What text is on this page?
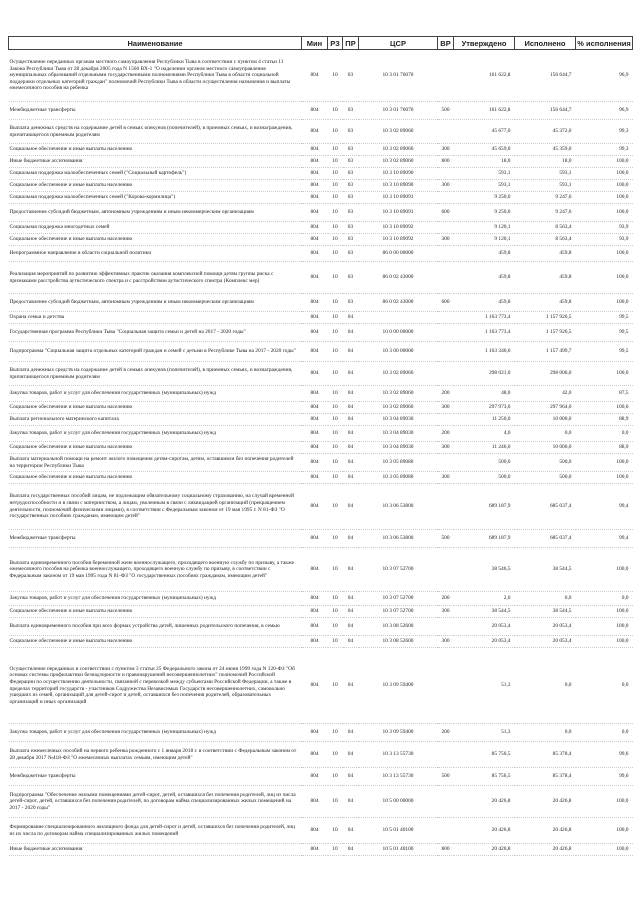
Наименование	Мин	РЗ	ПР	ЦСР	ВР	Утверждено	Исполнено	% исполнения
Осуществление переданных органам местного самоуправления Республики Тыва в соответствии с пунктом 4 статьи 11 Закона Республики Тыва от 28 декабря 2005 года N 1560 ВХ-1 "О наделении органов местного самоуправления муниципальных образований отдельными государственными полномочиями Республики Тыва в области социальной поддержки отдельных категорий граждан" полномочий Республики Тыва в области осуществления назначения и выплаты ежемесячного пособия на ребенка	804	10	03	10 3 01 76070		161 622,8	156 644,7	96,9
Межбюджетные трансферты	804	10	03	10 3 01 76070	500	161 622,8	156 644,7	96,9
Выплата денежных средств на содержание детей в семьях опекунов (попечителей), в приемных семьях, и вознаграждения, причитающегося приемным родителям	804	10	03	10 3 02 89060		45 677,0	45 372,0	99,3
Социальное обеспечение и иные выплаты населению	804	10	03	10 3 02 89060	300	45 659,0	45 359,0	99,3
Иные бюджетные ассигнования	804	10	03	10 3 02 89060	800	18,0	18,0	100,0
Социальная поддержка малообеспеченных семей ("Социальный картофель")	804	10	03	10 3 10 89090		593,1	593,1	100,0
Социальное обеспечение и иные выплаты населению	804	10	03	10 3 10 89090	300	593,1	593,1	100,0
Социальная поддержка малообеспеченных семей ("Корова-кормилица")	804	10	03	10 3 10 89091		9 250,0	9 247,6	100,0
Предоставление субсидий бюджетным, автономным учреждениям и иным некоммерческим организациям	804	10	03	10 3 10 89091	600	9 250,0	9 247,6	100,0
Социальная поддержка многодетных семей	804	10	03	10 3 10 89092		9 120,1	8 563,4	93,9
Социальное обеспечение и иные выплаты населению	804	10	03	10 3 10 89092	300	9 120,1	8 563,4	93,9
Непрограммное направление в области социальной политики	804	10	03	86 0 00 00000		459,8	459,8	100,0
Реализация мероприятий по развитию эффективных практик оказания комплексной помощи детям группы риска с признаками расстройства аутистического спектра и с расстройством аутистического спектра (Комплекс мер)	804	10	03	86 0 02 43000		459,8	459,8	100,0
Предоставление субсидий бюджетным, автономным учреждениям и иным некоммерческим организациям	804	10	03	86 0 02 43000	600	459,8	459,8	100,0
Охрана семьи и детства	804	10	04			1 163 773,4	1 157 926,5	99,5
Государственная программа Республики Тыва "Социальная защита семьи и детей на 2017 - 2020 годы"	804	10	04	10 0 00 00000		1 163 773,4	1 157 926,5	99,5
Подпрограмма "Социальная защита отдельных категорий граждан и семей с детьми в Республике Тыва на 2017 - 2020 годы"	804	10	04	10 3 00 00000		1 163 346,6	1 157 499,7	99,5
Выплата денежных средств на содержание детей в семьях опекунов (попечителей), в приемных семьях, и вознаграждения, причитающегося приемным родителям	804	10	04	10 3 02 89060		298 021,0	298 006,0	100,0
Закупка товаров, работ и услуг для обеспечения государственных (муниципальных) нужд	804	10	04	10 3 02 89060	200	48,0	42,0	87,5
Социальное обеспечение и иные выплаты населению	804	10	04	10 3 02 89060	300	297 973,0	297 964,0	100,0
Выплата регионального материнского капитала	804	10	04	10 3 04 89030		11 250,0	10 000,0	88,9
Закупка товаров, работ и услуг для обеспечения государственных (муниципальных) нужд	804	10	04	10 3 04 89030	200	4,0	0,0	0,0
Социальное обеспечение и иные выплаты населению	804	10	04	10 3 04 89030	300	11 246,0	10 000,0	88,9
Выплата материальной помощи на ремонт жилого помещения детям-сиротам, детям, оставшимся без попечения родителей на территории Республики Тыва	804	10	04	10 3 05 89080		500,0	500,0	100,0
Социальное обеспечение и иные выплаты населению	804	10	04	10 3 05 89080	300	500,0	500,0	100,0
Выплата государственных пособий лицам, не подлежащим обязательному социальному страхованию, на случай временной нетрудоспособности и в связи с материнством, а лицам, уволенным в связи с ликвидацией организаций (прекращением деятельности, полномочий физическими лицами), в соответствии с Федеральным законом от 19 мая 1995 г. N 81-ФЗ "О государственных пособиях гражданам, имеющим детей"	804	10	04	10 3 06 53800		689 187,9	685 037,4	99,4
Межбюджетные трансферты	804	10	04	10 3 06 53800	500	689 187,9	685 037,4	99,4
Выплата единовременного пособия беременной жене военнослужащего, проходящего военную службу по призыву, а также ежемесячного пособия на ребенка военнослужащего, проходящего военную службу по призыву, в соответствии с Федеральным законом от 19 мая 1995 года N 81-ФЗ "О государственных пособиях гражданам, имеющим детей"	804	10	04	10 3 07 52700		38 546,5	38 544,5	100,0
Закупка товаров, работ и услуг для обеспечения государственных (муниципальных) нужд	804	10	04	10 3 07 52700	200	2,0	0,0	0,0
Социальное обеспечение и иные выплаты населению	804	10	04	10 3 07 52700	300	38 544,5	38 544,5	100,0
Выплата единовременного пособия при всех формах устройства детей, лишенных родительского попечения, в семью	804	10	04	10 3 08 52600		20 053,4	20 053,4	100,0
Социальное обеспечение и иные выплаты населению	804	10	04	10 3 08 52600	300	20 053,4	20 053,4	100,0
Осуществление переданных в соответствии с пунктом 3 статьи 25 Федерального закона от 24 июня 1999 года N 120-ФЗ "Об основах системы профилактики безнадзорности и правонарушений несовершеннолетних" полномочий Российской Федерации по осуществлению деятельности, связанной с перевозкой между субъектами Российской Федерации, а также в пределах территорий государств - участников Содружества Независимых Государств несовершеннолетних, самовольно ушедших из семей, организаций для детей-сирот и детей, оставшихся без попечения родителей, образовательных организаций и иных организаций	804	10	04	10 3 09 59400		51,3	0,0	0,0
Закупка товаров, работ и услуг для обеспечения государственных (муниципальных) нужд	804	10	04	10 3 09 59400	200	51,3	0,0	0,0
Выплата ежемесячных пособий на первого ребенка рожденного с 1 января 2018 г. в соответствии с Федеральным законом от 28 декабря 2017 №418-ФЗ "О ежемесячных выплатах семьям, имеющим детей"	804	10	04	10 3 13 55730		85 756,5	85 378,4	99,6
Межбюджетные трансферты	804	10	04	10 3 13 55730	500	85 756,5	85 378,4	99,6
Подпрограмма "Обеспечение жилыми помещениями детей-сирот, детей, оставшихся без попечения родителей, лиц из числа детей-сирот, детей, оставшихся без попечения родителей, по договорам найма специализированных жилых помещений на 2017 - 2020 годы"	804	10	04	10 5 00 00000		20 426,8	20 426,8	100,0
Формирование специализированного жилищного фонда для детей-сирот и детей, оставшихся без попечения родителей, лиц из их числа по договорам найма специализированных жилых помещений	804	10	04	10 5 01 40100		20 426,8	20 426,8	100,0
Иные бюджетные ассигнования	804	10	04	10 5 01 40100	800	20 426,8	20 426,8	100,0
